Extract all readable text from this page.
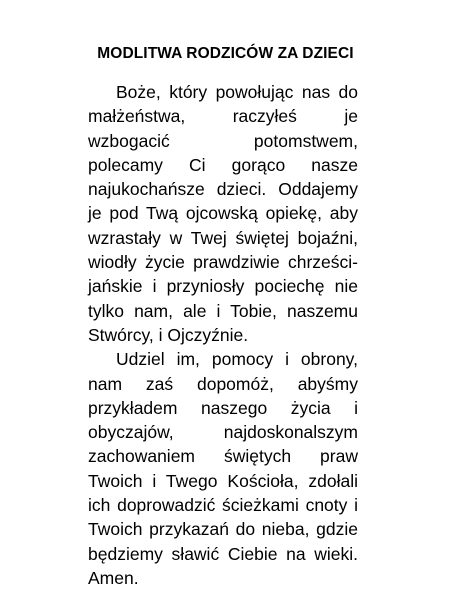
MODLITWA RODZICÓW ZA DZIECI

Boże, który powołując nas do małżeństwa, raczyłeś je wzbogacić potomstwem, polecamy Ci gorąco nasze najukochańsze dzieci. Oddajemy je pod Twą ojcowską opiekę, aby wzrastały w Twej świętej bojaźni, wiodły życie prawdziwie chrześcijańskie i przyniosły pociechę nie tylko nam, ale i Tobie, naszemu Stwórcy, i Ojczyźnie.

Udziel im, pomocy i obrony, nam zaś dopomóż, abyśmy przykładem naszego życia i obyczajów, najdoskonalszym zachowaniem świętych praw Twoich i Twego Kościoła, zdołali ich doprowadzić ścieżkami cnoty i Twoich przykazań do nieba, gdzie będziemy sławić Ciebie na wieki. Amen.
